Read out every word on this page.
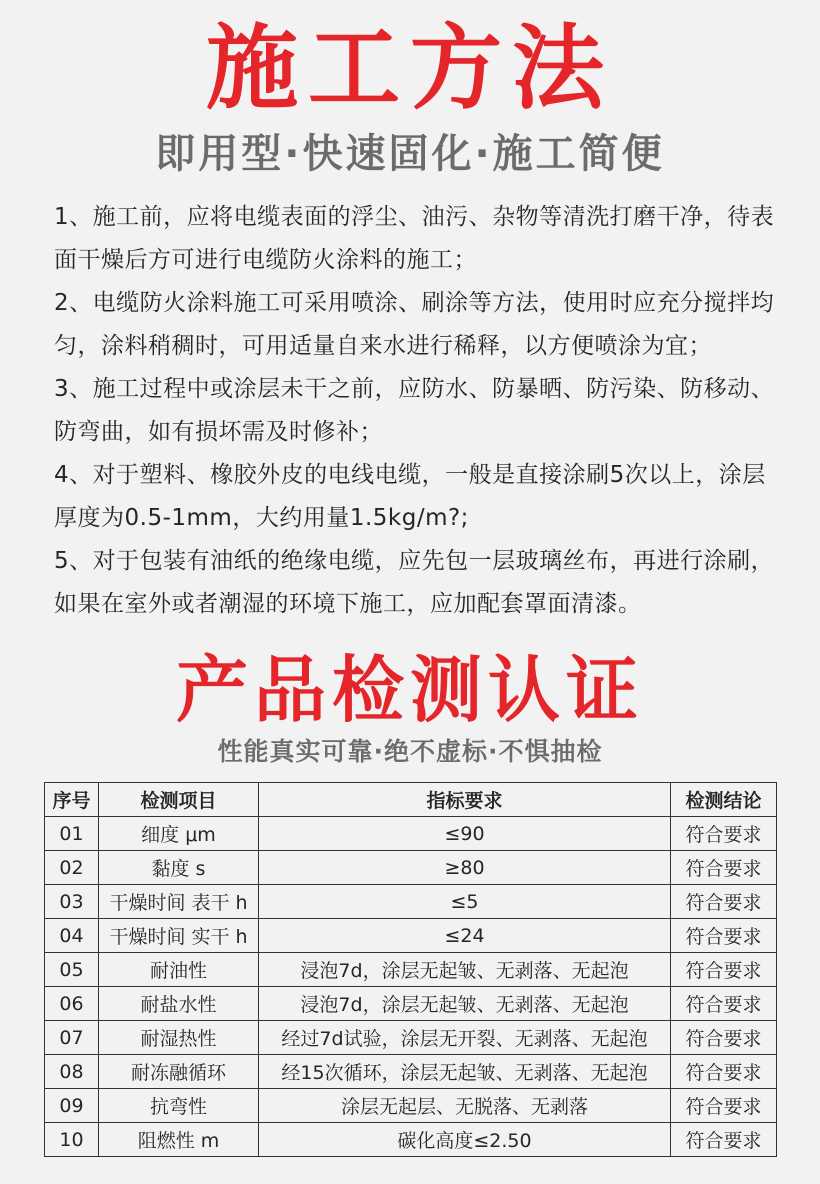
施工方法
即用型·快速固化·施工简便
1、施工前，应将电缆表面的浮尘、油污、杂物等清洗打磨干净，待表面干燥后方可进行电缆防火涂料的施工；
2、电缆防火涂料施工可采用喷涂、刷涂等方法，使用时应充分搅拌均匀，涂料稍稠时，可用适量自来水进行稀释，以方便喷涂为宜；
3、施工过程中或涂层未干之前，应防水、防暴晒、防污染、防移动、防弯曲，如有损坏需及时修补；
4、对于塑料、橡胶外皮的电线电缆，一般是直接涂刷5次以上，涂层厚度为0.5-1mm，大约用量1.5kg/m?;
5、对于包装有油纸的绝缘电缆，应先包一层玻璃丝布，再进行涂刷，如果在室外或者潮湿的环境下施工，应加配套罩面清漆。
产品检测认证
性能真实可靠·绝不虚标·不惧抽检
序号	检测项目	指标要求	检测结论
01	细度 μm	≤90	符合要求
02	黏度 s	≥80	符合要求
03	干燥时间 表干 h	≤5	符合要求
04	干燥时间 实干 h	≤24	符合要求
05	耐油性	浸泡7d，涂层无起皱、无剥落、无起泡	符合要求
06	耐盐水性	浸泡7d，涂层无起皱、无剥落、无起泡	符合要求
07	耐湿热性	经过7d试验，涂层无开裂、无剥落、无起泡	符合要求
08	耐冻融循环	经15次循环，涂层无起皱、无剥落、无起泡	符合要求
09	抗弯性	涂层无起层、无脱落、无剥落	符合要求
10	阻燃性 m	碳化高度≤2.50	符合要求
